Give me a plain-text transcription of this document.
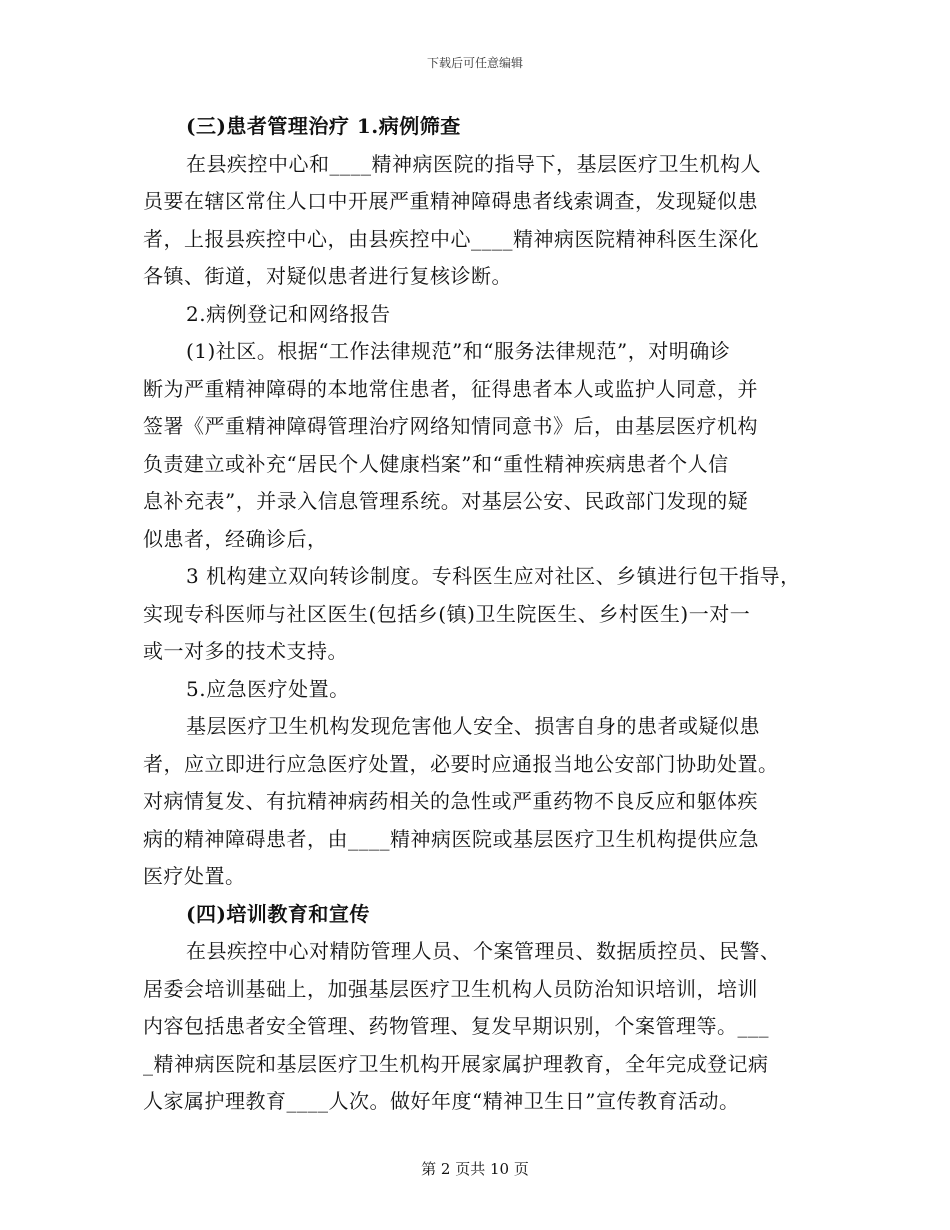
下载后可任意编辑
(三)患者管理治疗 1.病例筛查
在县疾控中心和____精神病医院的指导下，基层医疗卫生机构人
员要在辖区常住人口中开展严重精神障碍患者线索调查，发现疑似患
者，上报县疾控中心，由县疾控中心____精神病医院精神科医生深化
各镇、街道，对疑似患者进行复核诊断。
2.病例登记和网络报告
(1)社区。根据“工作法律规范”和“服务法律规范”，对明确诊
断为严重精神障碍的本地常住患者，征得患者本人或监护人同意，并
签署《严重精神障碍管理治疗网络知情同意书》后，由基层医疗机构
负责建立或补充“居民个人健康档案”和“重性精神疾病患者个人信
息补充表”，并录入信息管理系统。对基层公安、民政部门发现的疑
似患者，经确诊后，
3 机构建立双向转诊制度。专科医生应对社区、乡镇进行包干指导，
实现专科医师与社区医生(包括乡(镇)卫生院医生、乡村医生)一对一
或一对多的技术支持。
5.应急医疗处置。
基层医疗卫生机构发现危害他人安全、损害自身的患者或疑似患
者，应立即进行应急医疗处置，必要时应通报当地公安部门协助处置。
对病情复发、有抗精神病药相关的急性或严重药物不良反应和躯体疾
病的精神障碍患者，由____精神病医院或基层医疗卫生机构提供应急
医疗处置。
(四)培训教育和宣传
在县疾控中心对精防管理人员、个案管理员、数据质控员、民警、
居委会培训基础上，加强基层医疗卫生机构人员防治知识培训，培训
内容包括患者安全管理、药物管理、复发早期识别，个案管理等。___
_精神病医院和基层医疗卫生机构开展家属护理教育，全年完成登记病
人家属护理教育____人次。做好年度“精神卫生日”宣传教育活动。
第 2 页共 10 页
